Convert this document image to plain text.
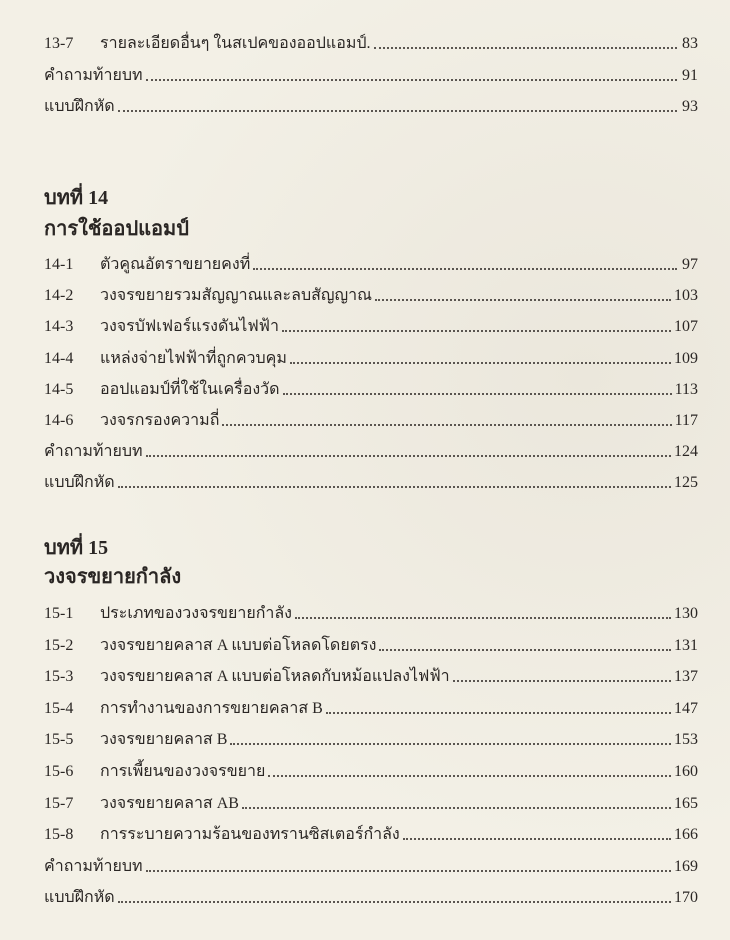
13-7	รายละเอียดอื่นๆ ในสเปคของออปแอมป์.	83
คำถามท้ายบท	91
แบบฝึกหัด	93
บทที่ 14
การใช้ออปแอมป์
14-1	ตัวคูณอัตราขยายคงที่	97
14-2	วงจรขยายรวมสัญญาณและลบสัญญาณ	103
14-3	วงจรบัฟเฟอร์แรงดันไฟฟ้า	107
14-4	แหล่งจ่ายไฟฟ้าที่ถูกควบคุม	109
14-5	ออปแอมป์ที่ใช้ในเครื่องวัด	113
14-6	วงจรกรองความถี่	117
คำถามท้ายบท	124
แบบฝึกหัด	125
บทที่ 15
วงจรขยายกำลัง
15-1	ประเภทของวงจรขยายกำลัง	130
15-2	วงจรขยายคลาส A แบบต่อโหลดโดยตรง	131
15-3	วงจรขยายคลาส A แบบต่อโหลดกับหม้อแปลงไฟฟ้า	137
15-4	การทำงานของการขยายคลาส B	147
15-5	วงจรขยายคลาส B	153
15-6	การเพี้ยนของวงจรขยาย	160
15-7	วงจรขยายคลาส AB	165
15-8	การระบายความร้อนของทรานซิสเตอร์กำลัง	166
คำถามท้ายบท	169
แบบฝึกหัด	170
